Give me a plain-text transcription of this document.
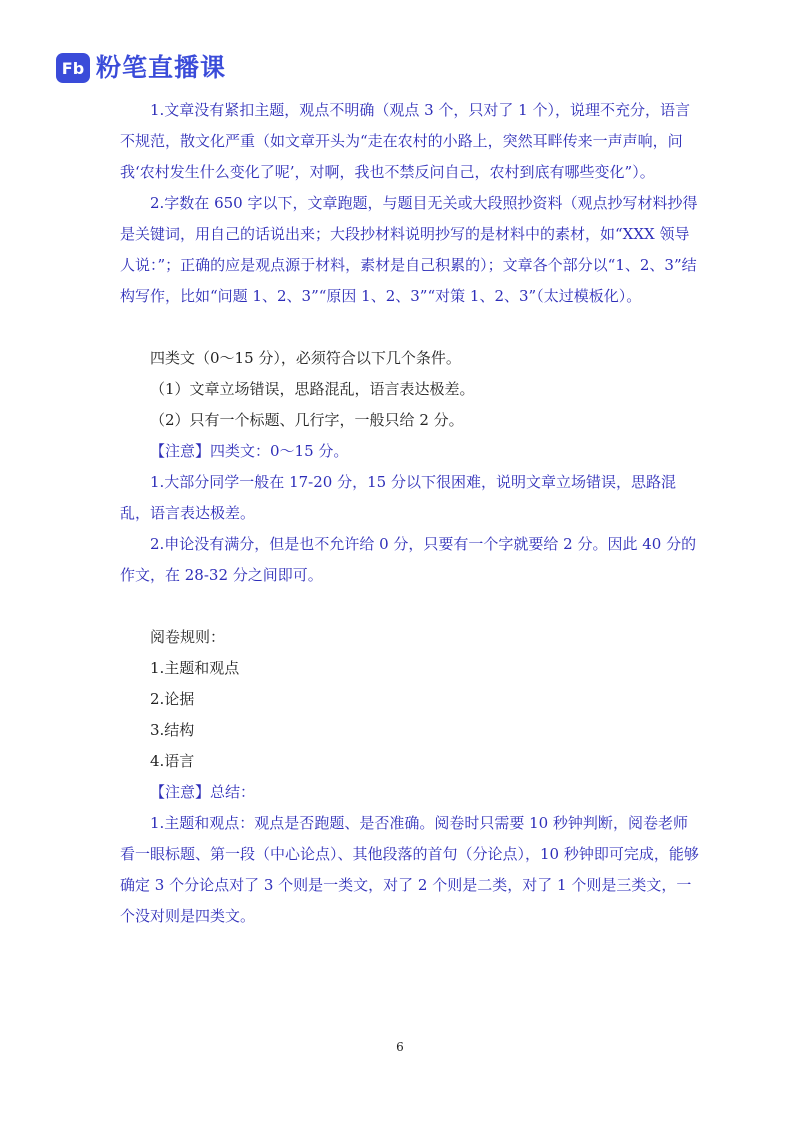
Fb 粉笔直播课

1.文章没有紧扣主题，观点不明确（观点 3 个，只对了 1 个），说理不充分，语言不规范，散文化严重（如文章开头为“走在农村的小路上，突然耳畔传来一声声响，问我‘农村发生什么变化了呢’，对啊，我也不禁反问自己，农村到底有哪些变化”）。

2.字数在 650 字以下，文章跑题，与题目无关或大段照抄资料（观点抄写材料抄得是关键词，用自己的话说出来；大段抄材料说明抄写的是材料中的素材，如“XXX 领导人说：”；正确的应是观点源于材料，素材是自己积累的）；文章各个部分以“1、2、3”结构写作，比如“问题 1、2、3”“原因 1、2、3”“对策 1、2、3”（太过模板化）。

四类文（0～15 分），必须符合以下几个条件。

（1）文章立场错误，思路混乱，语言表达极差。

（2）只有一个标题、几行字，一般只给 2 分。

【注意】四类文：0～15 分。

1.大部分同学一般在 17-20 分，15 分以下很困难，说明文章立场错误，思路混乱，语言表达极差。

2.申论没有满分，但是也不允许给 0 分，只要有一个字就要给 2 分。因此 40 分的作文，在 28-32 分之间即可。

阅卷规则：

1.主题和观点

2.论据

3.结构

4.语言

【注意】总结：

1.主题和观点：观点是否跑题、是否准确。阅卷时只需要 10 秒钟判断，阅卷老师看一眼标题、第一段（中心论点）、其他段落的首句（分论点），10 秒钟即可完成，能够确定 3 个分论点对了 3 个则是一类文，对了 2 个则是二类，对了 1 个则是三类文，一个没对则是四类文。

6
